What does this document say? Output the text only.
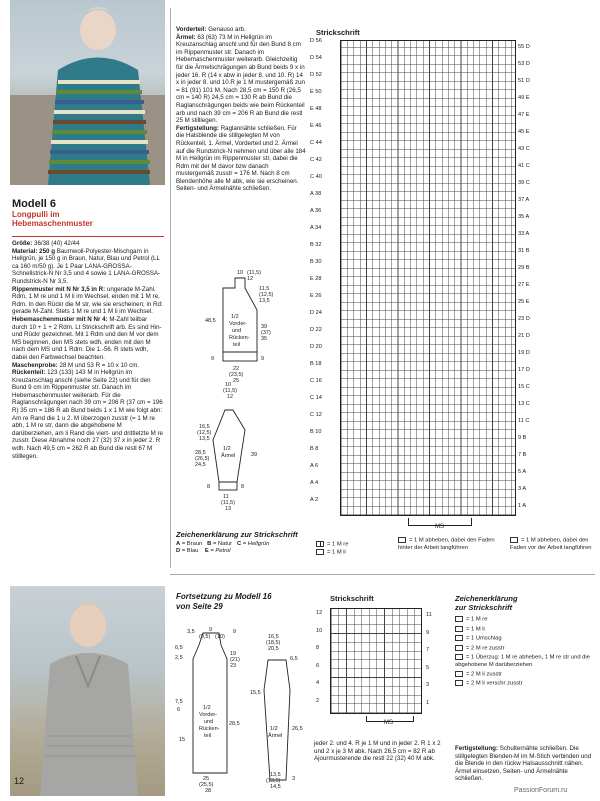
Modell 6
Longpulli im
Hebemaschenmuster
Größe: 36/38 (40) 42/44
Material: 250 g Baumwoll-Polyester-Mischgarn in Hellgrün, je 150 g in Braun, Natur, Blau und Petrol (LL ca 160 m/50 g). Je 1 Paar LANA-GROSSA-Schnellstrick-N Nr 3,5 und 4 sowie 1 LANA-GROSSA-Rundstrick-N Nr 3,5.
Rippenmuster mit N Nr 3,5 in R: ungerade M-Zahl. Rdm, 1 M re und 1 M li im Wechsel, enden mit 1 M re, Rdm. In den Rückr die M str, wie sie erscheinen; in Rd: gerade M-Zahl. Stets 1 M re und 1 M li im Wechsel.
Hebemaschenmuster mit N Nr 4: M-Zahl teilbar durch 10 + 1 + 2 Rdm. Lt Strickschrift arb. Es sind Hin- und Rückr gezeichnet. Mit 1 Rdm und den M vor dem MS beginnen, den MS stets wdh, enden mit den M nach dem MS und 1 Rdm. Die 1.-56. R stets wdh, dabei den Farbwechsel beachten.
Maschenprobe: 28 M und 53 R = 10 x 10 cm.
Rückenteil: 123 (133) 143 M in Hellgrün im Kreuzanschlag anschl (siehe Seite 22) und für den Bund 9 cm im Rippenmuster str. Danach im Hebemaschenmuster weiterarb. Für die Raglanschrägungen nach 39 cm = 206 R (37 cm = 196 R) 35 cm = 186 R ab Bund beids 1 x 1 M wie folgt abn: Am re Rand die 1 u 2. M überzogen zusstr (= 1 M re abh, 1 M re str, dann die abgehobene M darüberziehen, am li Rand die viert- und drittletzte M re zusstr. Diese Abnahme noch 27 (32) 37 x in jeder 2. R wdh. Nach 49,5 cm = 262 R ab Bund die restl 67 M stilllegen.
Vorderteil: Genauso arb.
Ärmel: 63 (63) 73 M in Hellgrün im Kreuzanschlag anschl und für den Bund 8 cm im Rippenmuster str. Danach im Hebemaschenmuster weiterarb. Gleichzeitig für die Ärmelschrägungen ab Bund beids 9 x in jeder 16. R (14 x abw in jeder 8. und 10. R) 14 x in jeder 8. und 10.R je 1 M mustergemäß zun = 81 (91) 101 M. Nach 28,5 cm = 150 R (26,5 cm = 140 R) 24,5 cm = 130 R ab Bund die Raglanschrägungen beids wie beim Rückenteil arb und nach 39 cm = 206 R ab Bund die restl 25 M stilllegen.
Fertigstellung: Raglannähte schließen. Für die Halsblende die stillgelegten M von Rückenteil, 1. Ärmel, Vorderteil und 2. Ärmel auf die Rundstrick-N nehmen und über alle 184 M in Hellgrün im Rippenmuster str, dabei die Rdm mit der M davor bzw danach mustergemäß zusstr = 176 M. Nach 8 cm Blendenhöhe alle M abk, wie sie erscheinen. Seiten- und Ärmelnähte schließen.
1/2
Vorder-
und
Rücken-
teil
10 (11,5)
12
11,5
(12,5)
13,5
48,5
39
(37)
35
22
(23,5)
25
9	9
1/2
Ärmel
10
(11,5)
12
16,5
(12,5)
13,5
28,5
(26,5)
24,5
39
8	8
11
(11,5)
13
Strickschrift
D 56
D 54
D 52
E 50
E 48
E 46
C 44
C 42
C 40
A 38
A 36
A 34
B 32
B 30
E 28
E 26
D 24
D 22
D 20
B 18
C 16
C 14
C 12
B 10
B 8
A 6
A 4
A 2
55 D
53 D
51 D
49 E
47 E
45 E
43 C
41 C
39 C
37 A
35 A
33 A
31 B
29 B
27 E
25 E
23 D
21 D
19 D
17 D
15 C
13 C
11 C
9 B
7 B
5 A
3 A
1 A
MS
Zeichenerklärung zur Strickschrift
A = Braun B = Natur C = Hellgrün
D = Blau E = Petrol
= 1 M re
= 1 M li
= 1 M abheben, dabei den Faden hinter der Arbeit langführen
= 1 M abheben, dabei den Faden vor der Arbeit langführen
12
Fortsetzung zu Modell 16
von Seite 29
1/2
Vorder-
und
Rücken-
teil
3,5	9
(9,5) (10)
9
6,5
2,5
19
(21)
23
28,5
7,5
6
15
25
(25,5)
28
1/2
Ärmel
16,5
(18,5)
20,5
15,5
26,5
6,5
13,5
(13,5)
14,5
3
Strickschrift
12
10
8
6
4
2
11
9
7
5
3
1
MS
jeder 2. und 4. R je 1 M und in jeder 2. R 1 x 2 und 2 x je 3 M abk. Nach 26,5 cm = 82 R ab Ajourmusterende die restl 22 (32) 40 M abk.
Zeichenerklärung
zur Strickschrift
= 1 M re
= 1 M li
= 1 Umschlag
= 2 M re zusstr
= 1 Überzug: 1 M re abheben, 1 M re str und die abgehobene M darüberziehen
= 2 M li zusstr
= 2 M li verschr zusstr
Fertigstellung: Schulternähte schließen. Die stillgelegten Blenden-M im M-Stich verbinden und die Blende in den rückw Halsausschnitt nähen. Ärmel einsetzen, Seiten- und Ärmelnähte schließen.
PassionForum.ru
